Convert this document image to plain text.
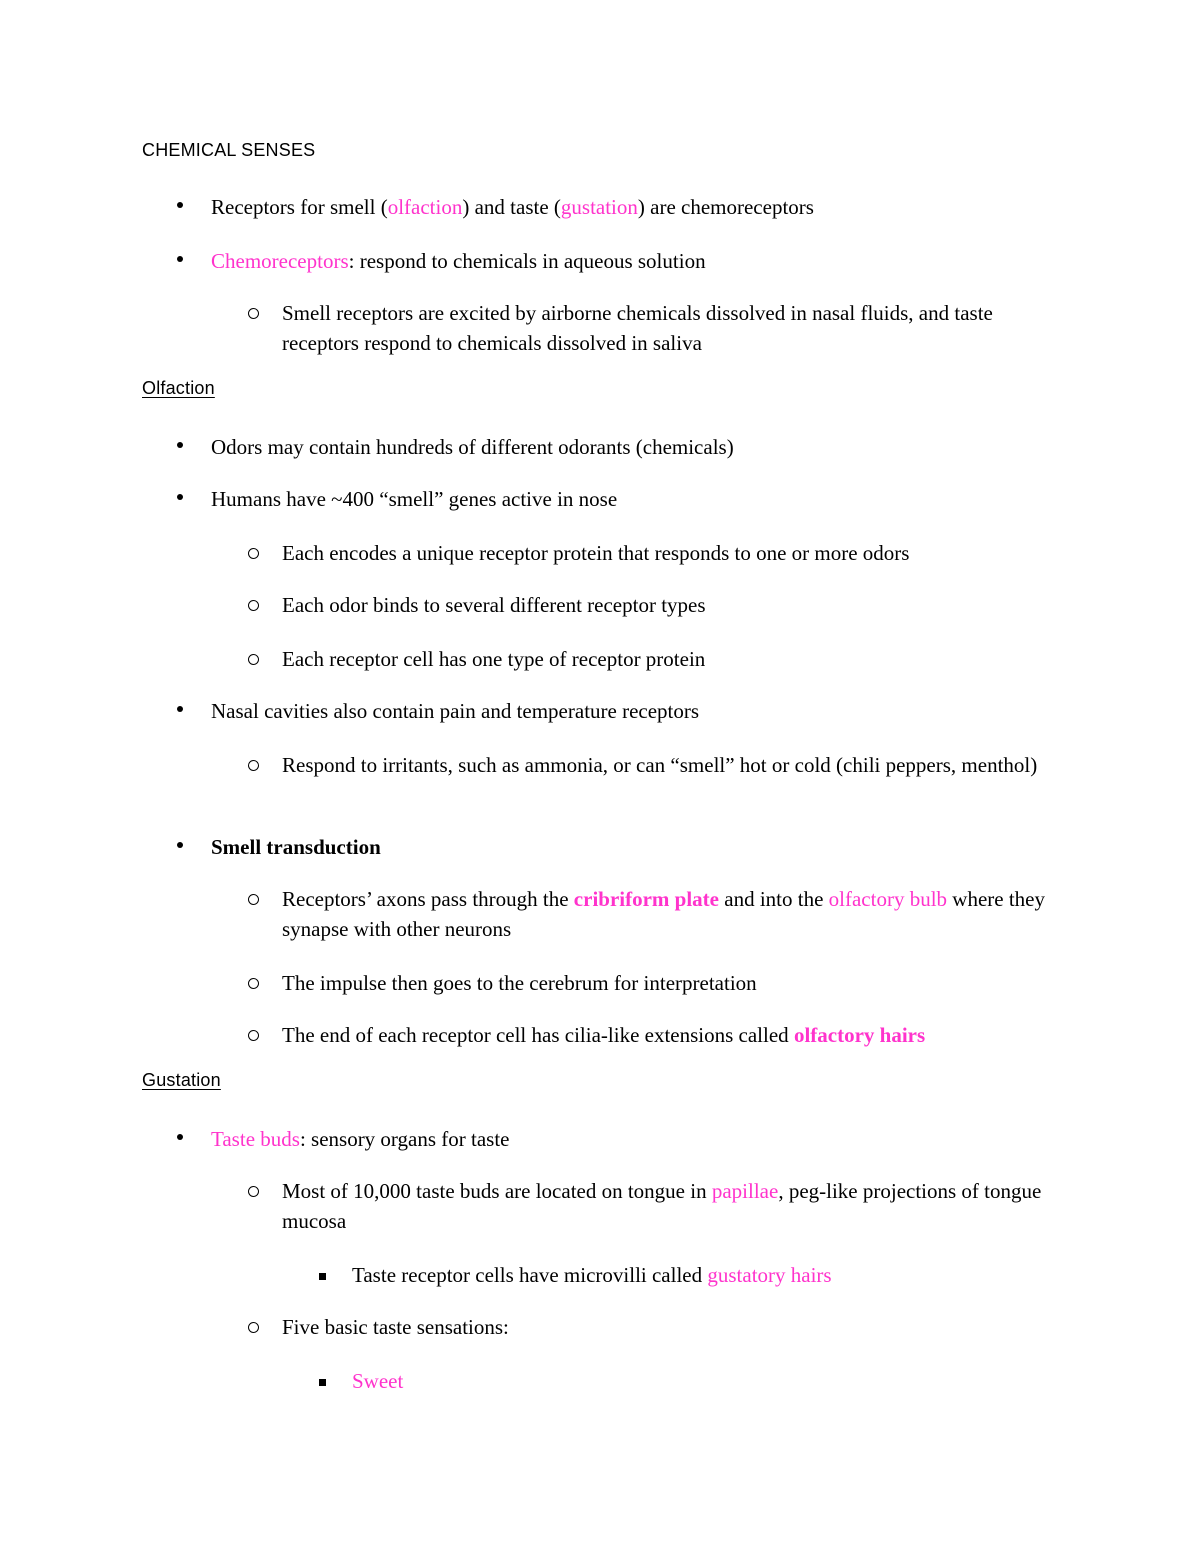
CHEMICAL SENSES
Receptors for smell (olfaction) and taste (gustation) are chemoreceptors
Chemoreceptors: respond to chemicals in aqueous solution
Smell receptors are excited by airborne chemicals dissolved in nasal fluids, and taste receptors respond to chemicals dissolved in saliva
Olfaction
Odors may contain hundreds of different odorants (chemicals)
Humans have ~400 “smell” genes active in nose
Each encodes a unique receptor protein that responds to one or more odors
Each odor binds to several different receptor types
Each receptor cell has one type of receptor protein
Nasal cavities also contain pain and temperature receptors
Respond to irritants, such as ammonia, or can “smell” hot or cold (chili peppers, menthol)
Smell transduction
Receptors’ axons pass through the cribriform plate and into the olfactory bulb where they synapse with other neurons
The impulse then goes to the cerebrum for interpretation
The end of each receptor cell has cilia-like extensions called olfactory hairs
Gustation
Taste buds: sensory organs for taste
Most of 10,000 taste buds are located on tongue in papillae, peg-like projections of tongue mucosa
Taste receptor cells have microvilli called gustatory hairs
Five basic taste sensations:
Sweet
